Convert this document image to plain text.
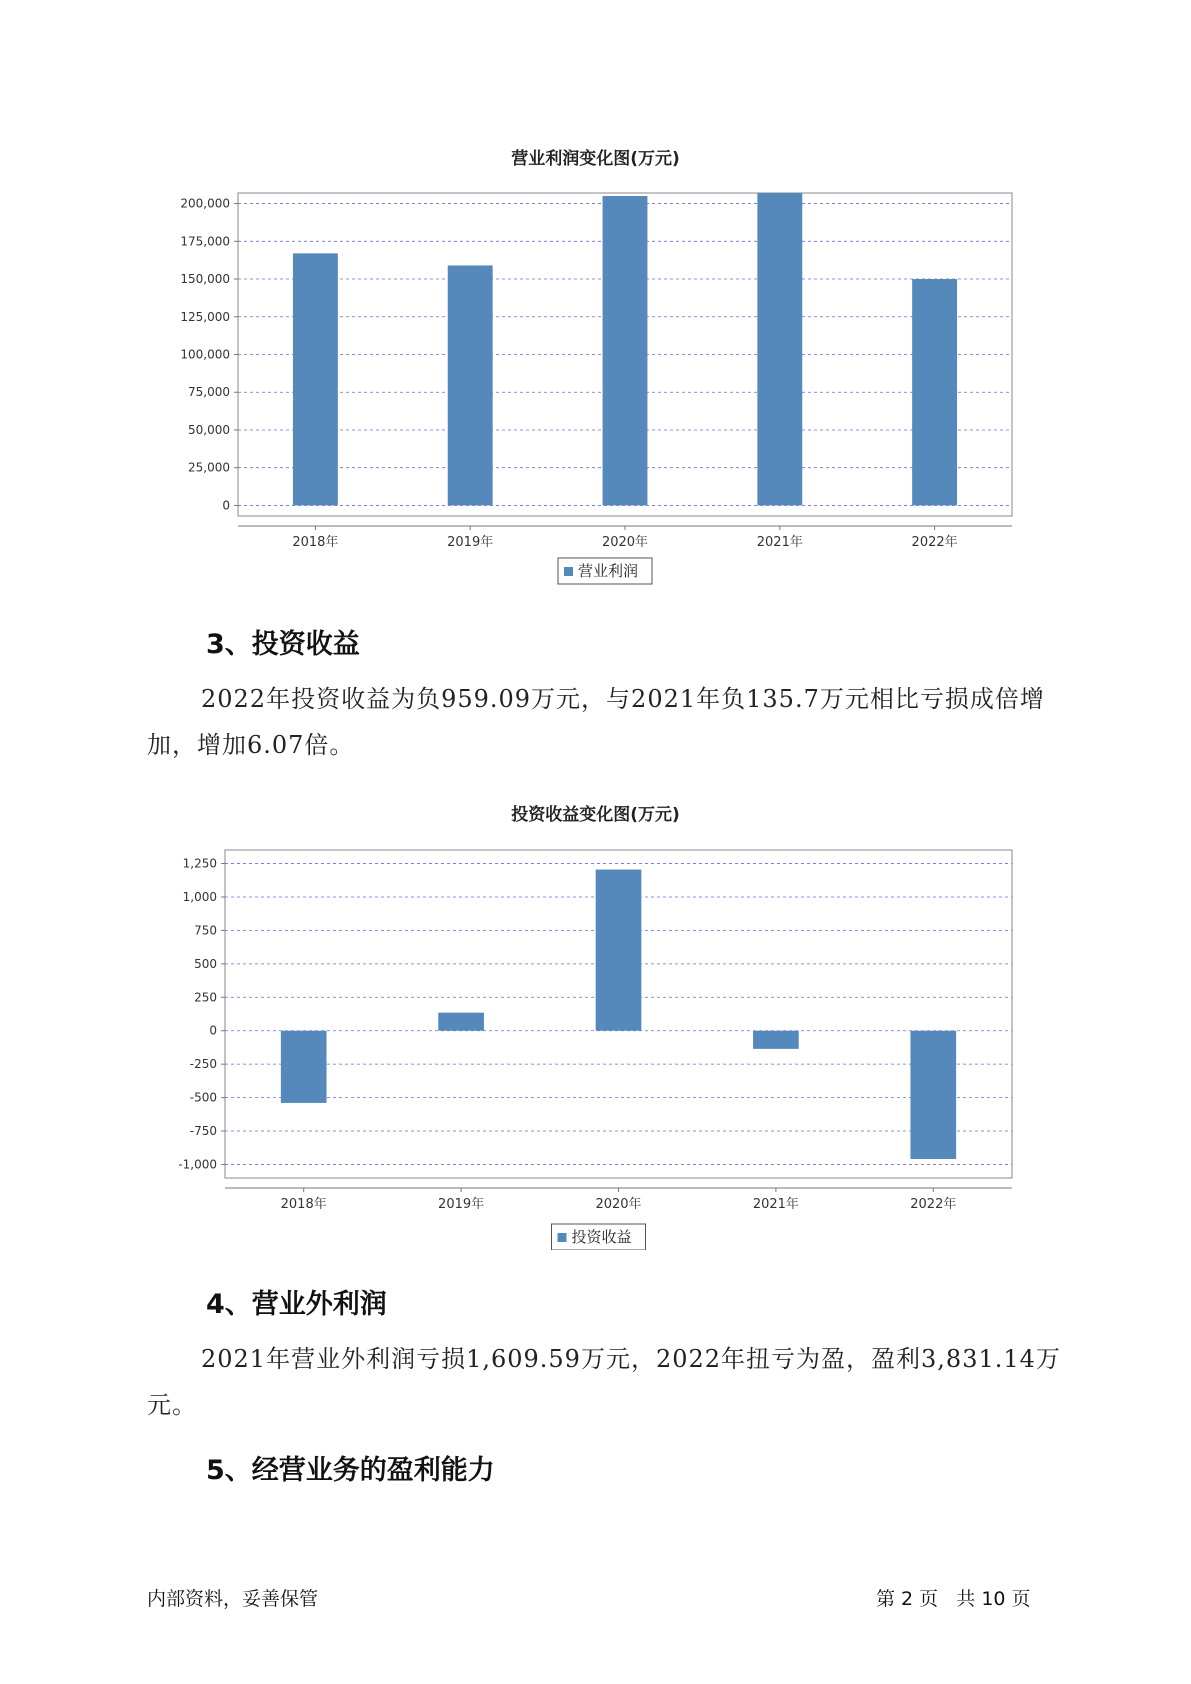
营业利润变化图(万元)
0
25,000
50,000
75,000
100,000
125,000
150,000
175,000
200,000
2018年	2019年	2020年	2021年	2022年
营业利润
3、投资收益

2022年投资收益为负959.09万元，与2021年负135.7万元相比亏损成倍增加，增加6.07倍。

投资收益变化图(万元)
-1,000
-750
-500
-250
0
250
500
750
1,000
1,250
2018年	2019年	2020年	2021年	2022年
投资收益
4、营业外利润

2021年营业外利润亏损1,609.59万元，2022年扭亏为盈，盈利3,831.14万元。

5、经营业务的盈利能力
内部资料，妥善保管	第 2 页   共 10 页
